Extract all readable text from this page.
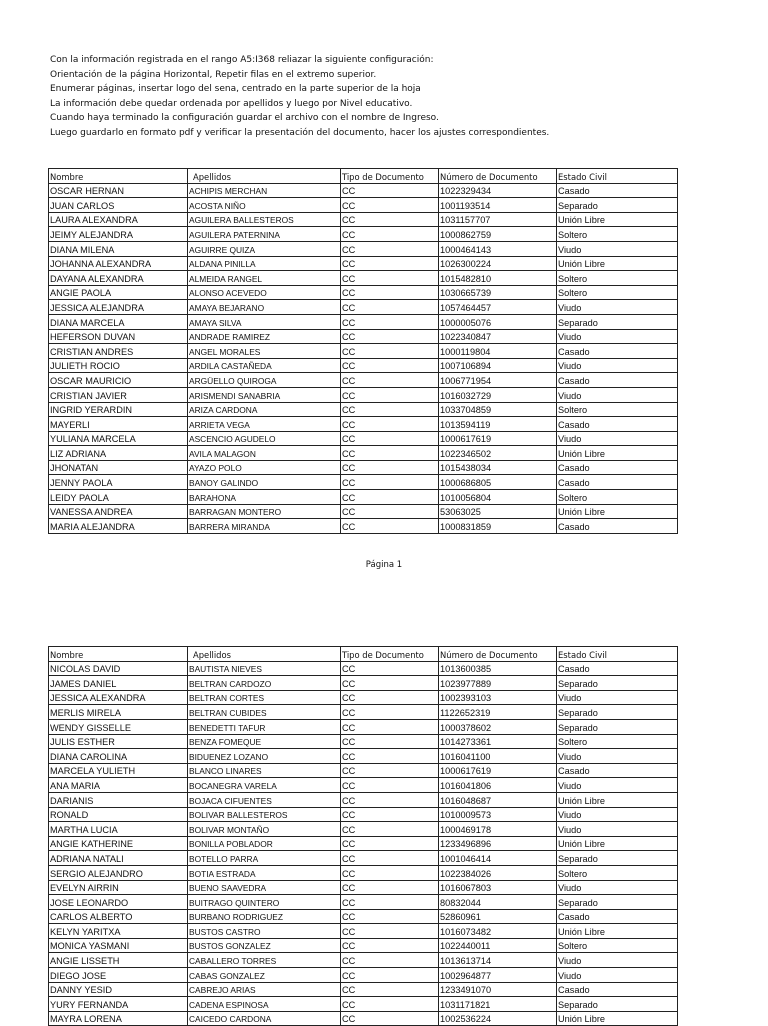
Con la información registrada en el rango A5:I368 reliazar la siguiente configuración:
Orientación de la página Horizontal, Repetir filas en el extremo superior.
Enumerar páginas, insertar logo del sena, centrado en la parte superior de la hoja
La información debe quedar ordenada por apellidos y luego por Nivel educativo.
Cuando haya terminado la configuración guardar el archivo con el nombre de Ingreso.
Luego guardarlo en formato pdf y verificar la presentación del documento, hacer los ajustes correspondientes.
Nombre	Apellidos	Tipo de Documento	Número de Documento	Estado Civil
OSCAR HERNAN	ACHIPIS MERCHAN	CC	1022329434	Casado
JUAN CARLOS	ACOSTA NIÑO	CC	1001193514	Separado
LAURA ALEXANDRA	AGUILERA BALLESTEROS	CC	1031157707	Unión Libre
JEIMY ALEJANDRA	AGUILERA PATERNINA	CC	1000862759	Soltero
DIANA MILENA	AGUIRRE QUIZA	CC	1000464143	Viudo
JOHANNA ALEXANDRA	ALDANA PINILLA	CC	1026300224	Unión Libre
DAYANA ALEXANDRA	ALMEIDA RANGEL	CC	1015482810	Soltero
ANGIE PAOLA	ALONSO ACEVEDO	CC	1030665739	Soltero
JESSICA ALEJANDRA	AMAYA BEJARANO	CC	1057464457	Viudo
DIANA MARCELA	AMAYA SILVA	CC	1000005076	Separado
HEFERSON DUVAN	ANDRADE RAMIREZ	CC	1022340847	Viudo
CRISTIAN ANDRES	ANGEL MORALES	CC	1000119804	Casado
JULIETH ROCIO	ARDILA CASTAÑEDA	CC	1007106894	Viudo
OSCAR MAURICIO	ARGÜELLO QUIROGA	CC	1006771954	Casado
CRISTIAN JAVIER	ARISMENDI SANABRIA	CC	1016032729	Viudo
INGRID YERARDIN	ARIZA CARDONA	CC	1033704859	Soltero
MAYERLI	ARRIETA VEGA	CC	1013594119	Casado
YULIANA MARCELA	ASCENCIO AGUDELO	CC	1000617619	Viudo
LIZ ADRIANA	AVILA MALAGON	CC	1022346502	Unión Libre
JHONATAN	AYAZO POLO	CC	1015438034	Casado
JENNY PAOLA	BANOY GALINDO	CC	1000686805	Casado
LEIDY PAOLA	BARAHONA	CC	1010056804	Soltero
VANESSA ANDREA	BARRAGAN MONTERO	CC	53063025	Unión Libre
MARIA ALEJANDRA	BARRERA MIRANDA	CC	1000831859	Casado
Página 1
Nombre	Apellidos	Tipo de Documento	Número de Documento	Estado Civil
NICOLAS DAVID	BAUTISTA NIEVES	CC	1013600385	Casado
JAMES DANIEL	BELTRAN CARDOZO	CC	1023977889	Separado
JESSICA ALEXANDRA	BELTRAN CORTES	CC	1002393103	Viudo
MERLIS MIRELA	BELTRAN CUBIDES	CC	1122652319	Separado
WENDY GISSELLE	BENEDETTI TAFUR	CC	1000378602	Separado
JULIS ESTHER	BENZA FOMEQUE	CC	1014273361	Soltero
DIANA CAROLINA	BIDUENEZ LOZANO	CC	1016041100	Viudo
MARCELA YULIETH	BLANCO LINARES	CC	1000617619	Casado
ANA MARIA	BOCANEGRA VARELA	CC	1016041806	Viudo
DARIANIS	BOJACA CIFUENTES	CC	1016048687	Unión Libre
RONALD	BOLIVAR BALLESTEROS	CC	1010009573	Viudo
MARTHA LUCIA	BOLIVAR MONTAÑO	CC	1000469178	Viudo
ANGIE KATHERINE	BONILLA POBLADOR	CC	1233496896	Unión Libre
ADRIANA NATALI	BOTELLO PARRA	CC	1001046414	Separado
SERGIO ALEJANDRO	BOTIA ESTRADA	CC	1022384026	Soltero
EVELYN AIRRIN	BUENO SAAVEDRA	CC	1016067803	Viudo
JOSE LEONARDO	BUITRAGO QUINTERO	CC	80832044	Separado
CARLOS ALBERTO	BURBANO RODRIGUEZ	CC	52860961	Casado
KELYN YARITXA	BUSTOS CASTRO	CC	1016073482	Unión Libre
MONICA YASMANI	BUSTOS GONZALEZ	CC	1022440011	Soltero
ANGIE LISSETH	CABALLERO TORRES	CC	1013613714	Viudo
DIEGO JOSE	CABAS GONZALEZ	CC	1002964877	Viudo
DANNY YESID	CABREJO ARIAS	CC	1233491070	Casado
YURY FERNANDA	CADENA ESPINOSA	CC	1031171821	Separado
MAYRA LORENA	CAICEDO CARDONA	CC	1002536224	Unión Libre
